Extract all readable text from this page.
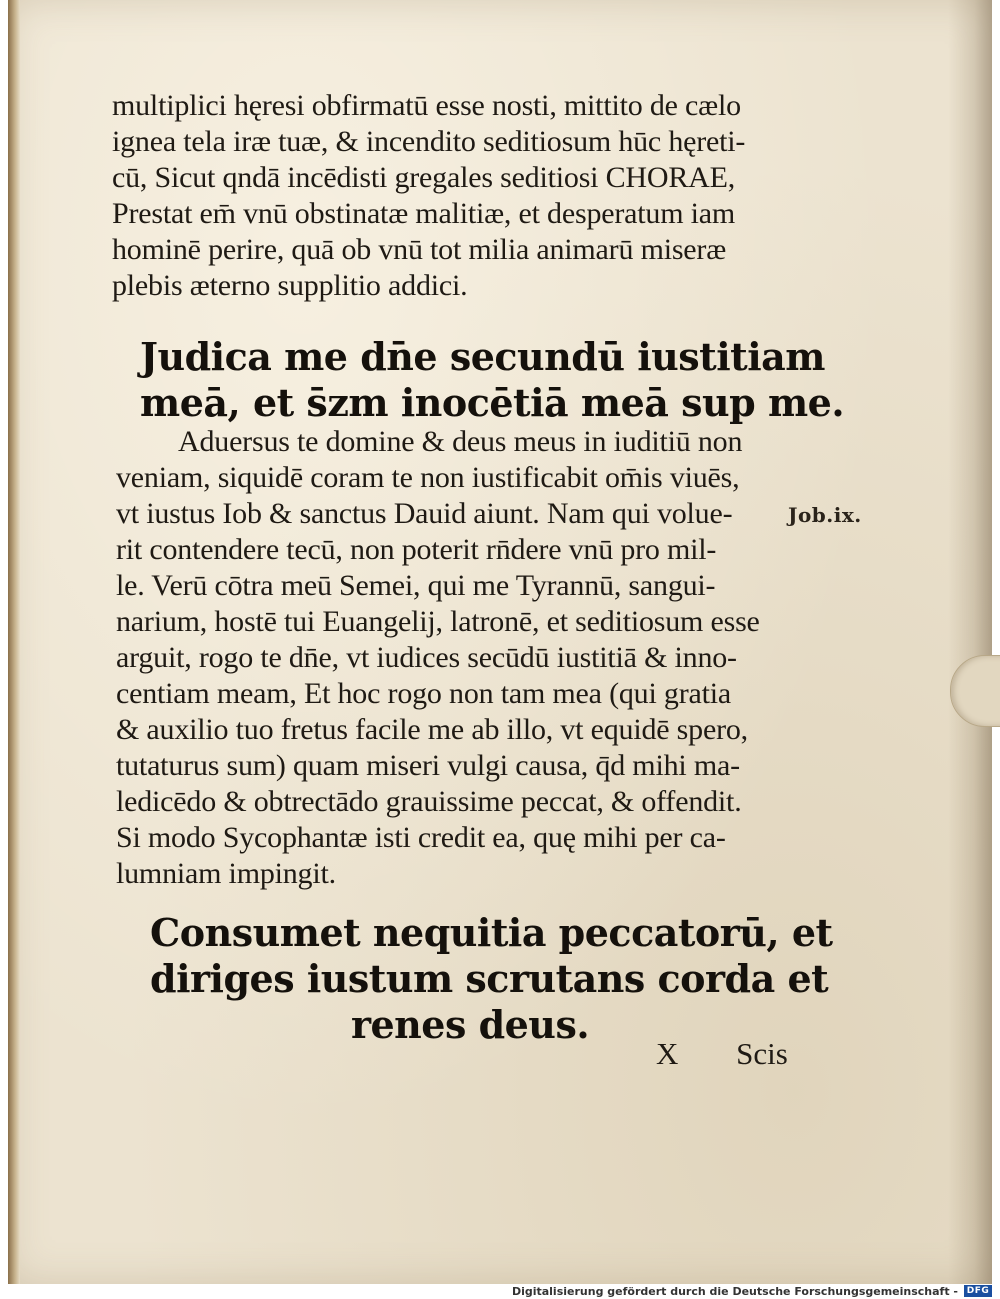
multiplici hęresi obfirmatū esse nosti, mittito de cælo
ignea tela iræ tuæ, & incendito seditiosum hūc hęreti-
cū, Sicut qndā incēdisti gregales seditiosi CHORAE,
Prestat em̄ vnū obstinatæ malitiæ, et desperatum iam
hominē perire, quā ob vnū tot milia animarū miseræ
plebis æterno supplitio addici.
Judica me dn̄e secundū iustitiam
meā, et s̄zm inocētiā meā sup me.
Aduersus te domine & deus meus in iuditiū non
veniam, siquidē coram te non iustificabit om̄is viuēs,
vt iustus Iob & sanctus Dauid aiunt. Nam qui volue-
rit contendere tecū, non poterit rn̄dere vnū pro mil-
le. Verū cōtra meū Semei, qui me Tyrannū, sangui-
narium, hostē tui Euangelij, latronē, et seditiosum esse
arguit, rogo te dn̄e, vt iudices secūdū iustitiā & inno-
centiam meam, Et hoc rogo non tam mea (qui gratia
& auxilio tuo fretus facile me ab illo, vt equidē spero,
tutaturus sum) quam miseri vulgi causa, q̄d mihi ma-
ledicēdo & obtrectādo grauissime peccat, & offendit.
Si modo Sycophantæ isti credit ea, quę mihi per ca-
lumniam impingit.
Job.ix.
Consumet nequitia peccatorū, et
diriges iustum scrutans corda et
renes deus.
X Scis
Digitalisierung gefördert durch die Deutsche Forschungsgemeinschaft - DFG
